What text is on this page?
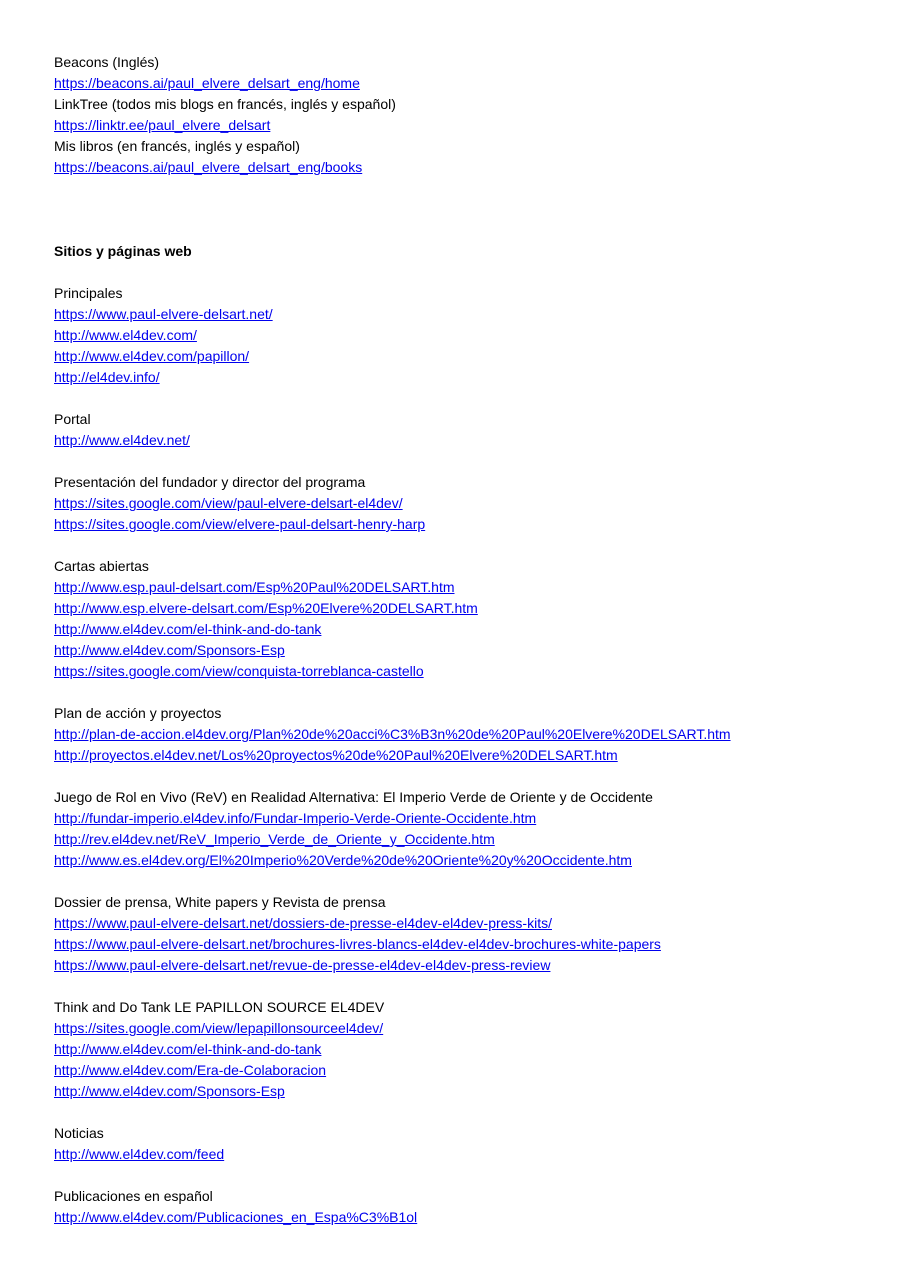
Beacons (Inglés)
https://beacons.ai/paul_elvere_delsart_eng/home
LinkTree (todos mis blogs en francés, inglés y español)
https://linktr.ee/paul_elvere_delsart
Mis libros (en francés, inglés y español)
https://beacons.ai/paul_elvere_delsart_eng/books
Sitios y páginas web
Principales
https://www.paul-elvere-delsart.net/
http://www.el4dev.com/
http://www.el4dev.com/papillon/
http://el4dev.info/
Portal
http://www.el4dev.net/
Presentación del fundador y director del programa
https://sites.google.com/view/paul-elvere-delsart-el4dev/
https://sites.google.com/view/elvere-paul-delsart-henry-harp
Cartas abiertas
http://www.esp.paul-delsart.com/Esp%20Paul%20DELSART.htm
http://www.esp.elvere-delsart.com/Esp%20Elvere%20DELSART.htm
http://www.el4dev.com/el-think-and-do-tank
http://www.el4dev.com/Sponsors-Esp
https://sites.google.com/view/conquista-torreblanca-castello
Plan de acción y proyectos
http://plan-de-accion.el4dev.org/Plan%20de%20acci%C3%B3n%20de%20Paul%20Elvere%20DELSART.htm
http://proyectos.el4dev.net/Los%20proyectos%20de%20Paul%20Elvere%20DELSART.htm
Juego de Rol en Vivo (ReV) en Realidad Alternativa: El Imperio Verde de Oriente y de Occidente
http://fundar-imperio.el4dev.info/Fundar-Imperio-Verde-Oriente-Occidente.htm
http://rev.el4dev.net/ReV_Imperio_Verde_de_Oriente_y_Occidente.htm
http://www.es.el4dev.org/El%20Imperio%20Verde%20de%20Oriente%20y%20Occidente.htm
Dossier de prensa, White papers y Revista de prensa
https://www.paul-elvere-delsart.net/dossiers-de-presse-el4dev-el4dev-press-kits/
https://www.paul-elvere-delsart.net/brochures-livres-blancs-el4dev-el4dev-brochures-white-papers
https://www.paul-elvere-delsart.net/revue-de-presse-el4dev-el4dev-press-review
Think and Do Tank LE PAPILLON SOURCE EL4DEV
https://sites.google.com/view/lepapillonsourceel4dev/
http://www.el4dev.com/el-think-and-do-tank
http://www.el4dev.com/Era-de-Colaboracion
http://www.el4dev.com/Sponsors-Esp
Noticias
http://www.el4dev.com/feed
Publicaciones en español
http://www.el4dev.com/Publicaciones_en_Espa%C3%B1ol
